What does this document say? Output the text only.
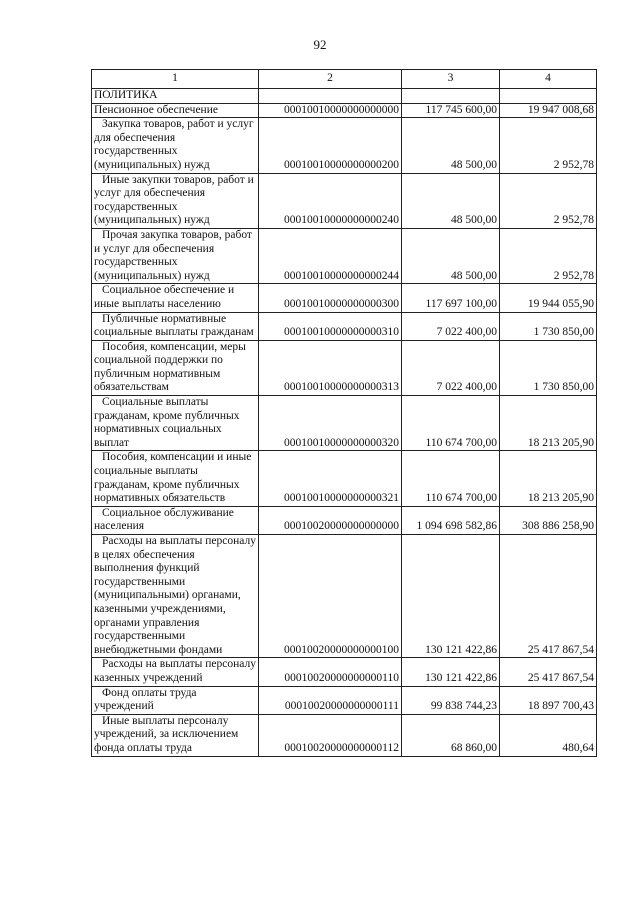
92
1	2	3	4
ПОЛИТИКА			
Пенсионное обеспечение	00010010000000000000	117 745 600,00	19 947 008,68
Закупка товаров, работ и услуг для обеспечения государственных (муниципальных) нужд	00010010000000000200	48 500,00	2 952,78
Иные закупки товаров, работ и услуг для обеспечения государственных (муниципальных) нужд	00010010000000000240	48 500,00	2 952,78
Прочая закупка товаров, работ и услуг для обеспечения государственных (муниципальных) нужд	00010010000000000244	48 500,00	2 952,78
Социальное обеспечение и иные выплаты населению	00010010000000000300	117 697 100,00	19 944 055,90
Публичные нормативные социальные выплаты гражданам	00010010000000000310	7 022 400,00	1 730 850,00
Пособия, компенсации, меры социальной поддержки по публичным нормативным обязательствам	00010010000000000313	7 022 400,00	1 730 850,00
Социальные выплаты гражданам, кроме публичных нормативных социальных выплат	00010010000000000320	110 674 700,00	18 213 205,90
Пособия, компенсации и иные социальные выплаты гражданам, кроме публичных нормативных обязательств	00010010000000000321	110 674 700,00	18 213 205,90
Социальное обслуживание населения	00010020000000000000	1 094 698 582,86	308 886 258,90
Расходы на выплаты персоналу в целях обеспечения выполнения функций государственными (муниципальными) органами, казенными учреждениями, органами управления государственными внебюджетными фондами	00010020000000000100	130 121 422,86	25 417 867,54
Расходы на выплаты персоналу казенных учреждений	00010020000000000110	130 121 422,86	25 417 867,54
Фонд оплаты труда учреждений	00010020000000000111	99 838 744,23	18 897 700,43
Иные выплаты персоналу учреждений, за исключением фонда оплаты труда	00010020000000000112	68 860,00	480,64
